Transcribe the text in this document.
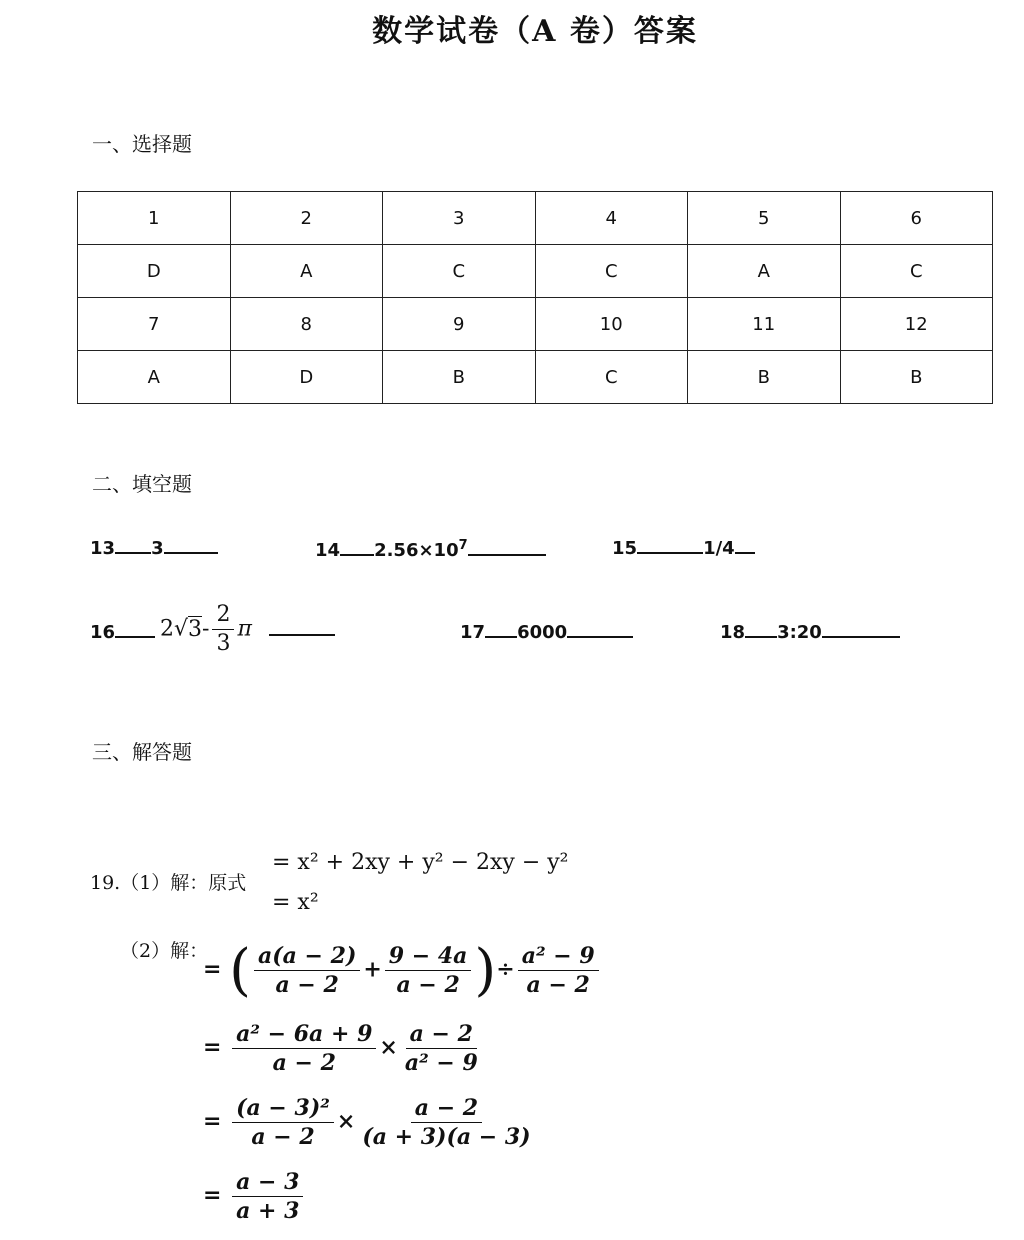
数学试卷（A 卷）答案
一、选择题
1	2	3	4	5	6
D	A	C	C	A	C
7	8	9	10	11	12
A	D	B	C	B	B
二、填空题
13 3	14 $2.56\times 10^7$	15	1/4
16	$2√3- \frac{2}{3}$ π	17 6000	18 3:20
三、解答题
19.（1）解：原式
= x² + 2xy + y² − 2xy − y²
= x²
（2）解：
= ( $\frac{a(a - 2)}{a - 2} + \frac{9 - 4a}{a - 2}$ )÷ $\frac{\text{a² − 9}}{a - 2}$
= $\frac{\text{a² − 6a + 9}}{a - 2} \times \frac{a - 2}{\text{a² − 9}}$
= $\frac{\text{(a − 3)²}}{a - 2} \times \frac{a - 2}{(a + 3)(a - 3)}$
= $\frac{a - 3}{a + 3}$
